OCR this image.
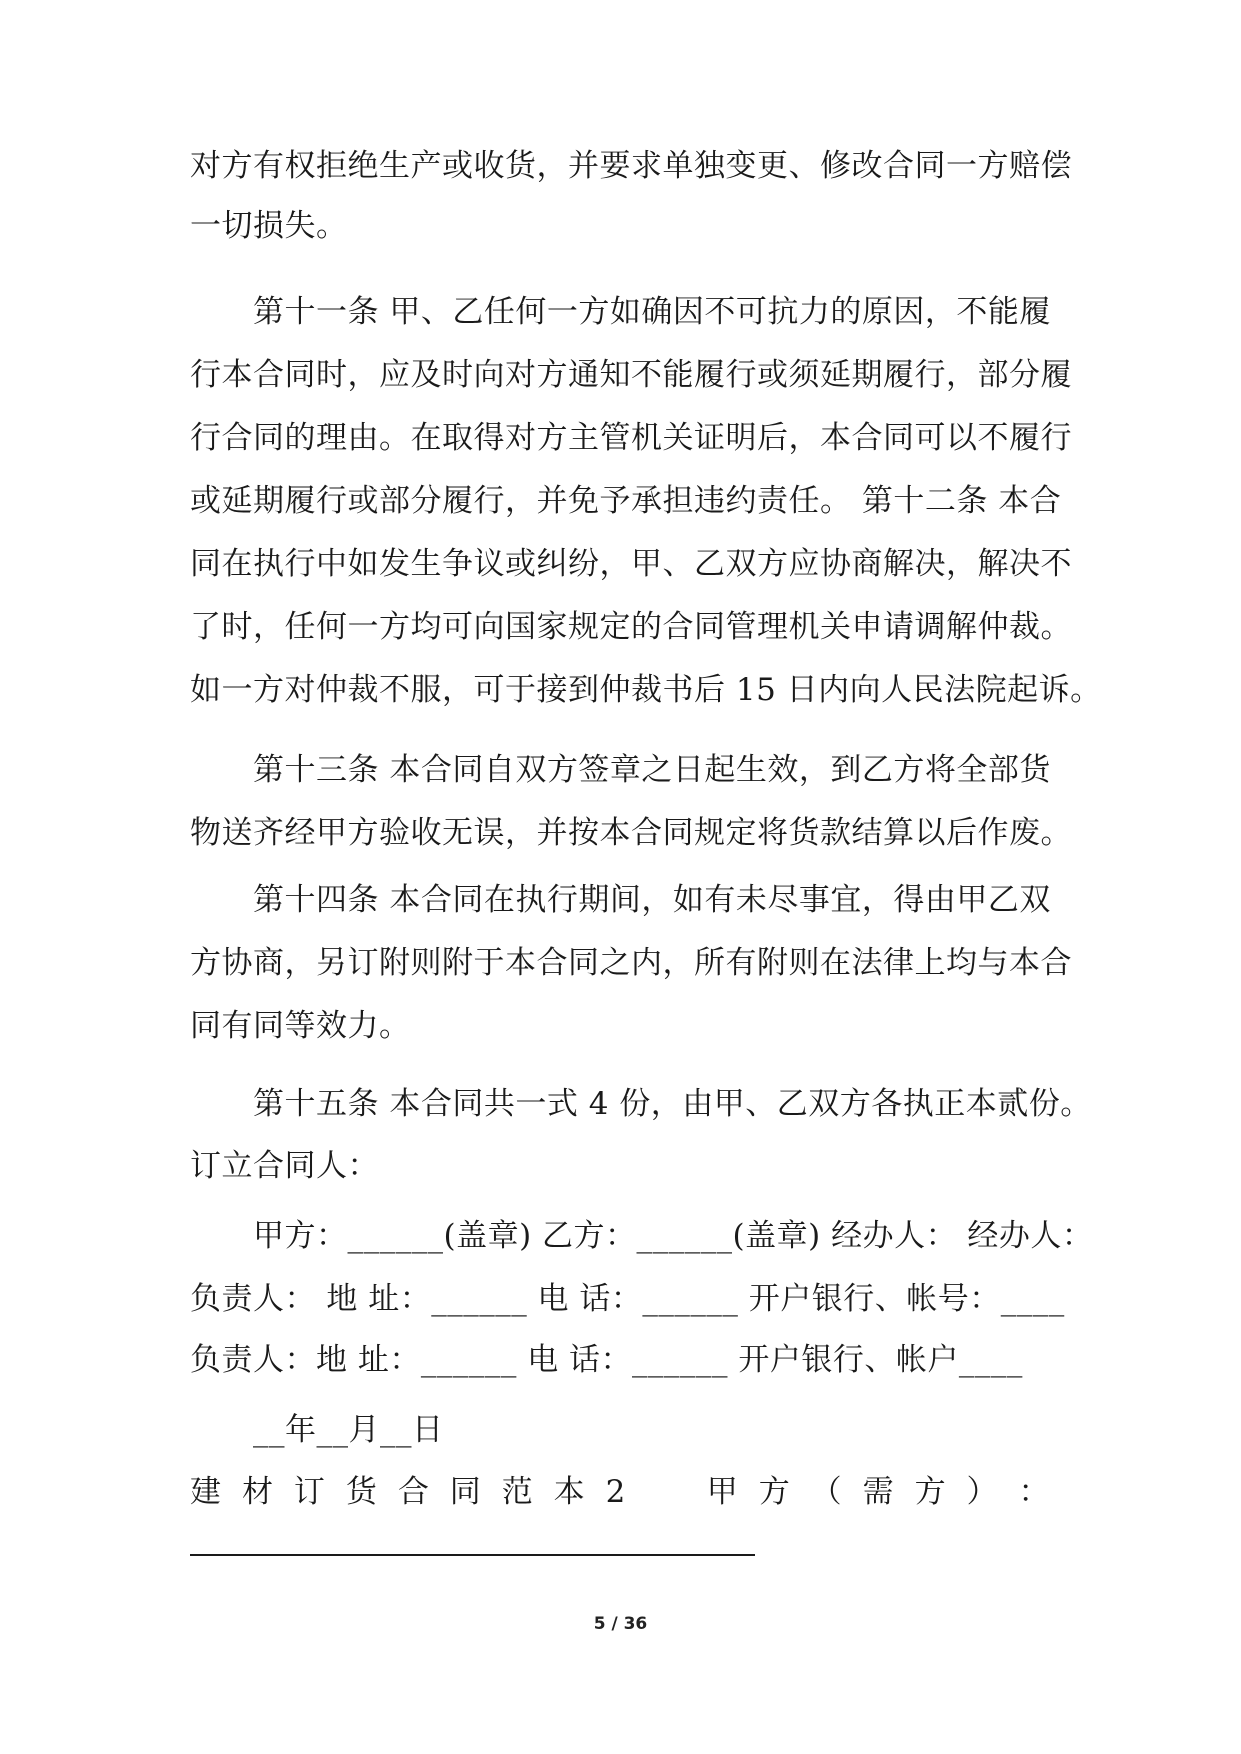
对方有权拒绝生产或收货，并要求单独变更、修改合同一方赔偿
一切损失。
第十一条 甲、乙任何一方如确因不可抗力的原因，不能履
行本合同时，应及时向对方通知不能履行或须延期履行，部分履
行合同的理由。在取得对方主管机关证明后，本合同可以不履行
或延期履行或部分履行，并免予承担违约责任。 第十二条 本合
同在执行中如发生争议或纠纷，甲、乙双方应协商解决，解决不
了时，任何一方均可向国家规定的合同管理机关申请调解仲裁。
如一方对仲裁不服，可于接到仲裁书后 15 日内向人民法院起诉。
第十三条 本合同自双方签章之日起生效，到乙方将全部货
物送齐经甲方验收无误，并按本合同规定将货款结算以后作废。
第十四条 本合同在执行期间，如有未尽事宜，得由甲乙双
方协商，另订附则附于本合同之内，所有附则在法律上均与本合
同有同等效力。
第十五条 本合同共一式 4 份，由甲、乙双方各执正本贰份。
订立合同人：
甲方：______(盖章) 乙方：______(盖章) 经办人： 经办人：
负责人： 地 址：______ 电 话：______ 开户银行、帐号：____
负责人：地 址：______ 电 话：______ 开户银行、帐户____
__年__月__日
建 材 订 货 合 同 范 本 2	甲 方 （ 需 方 ） ：
5 / 36
